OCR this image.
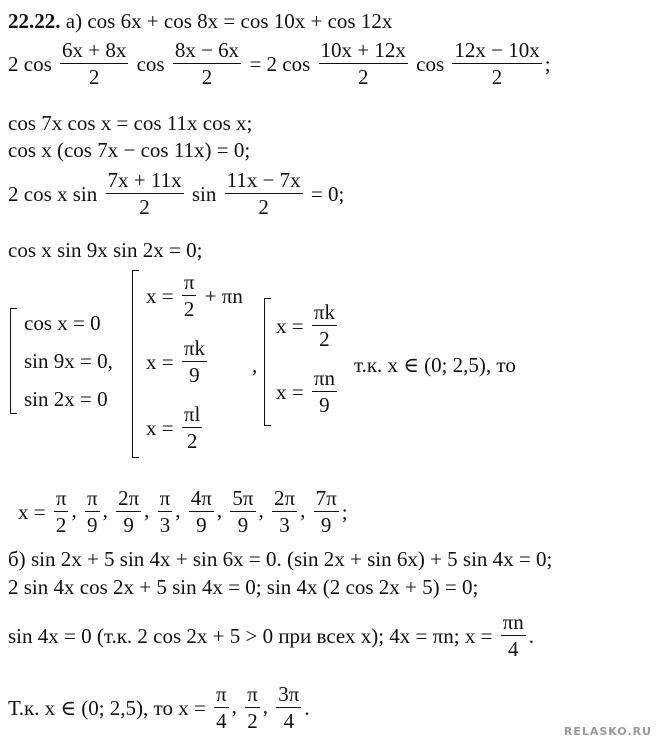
22.22. а) cos 6x + cos 8x = cos 10x + cos 12x
2 $\cos \frac{6x + 8x}{2}$ $\cos \frac{8x - 6x}{2} = 2$ $\cos \frac{10x + 12x}{2}$ $\cos \frac{12x - 10x}{2}$ ;
cos 7x cos x = cos 11x cos x;
cos x (cos 7x − cos 11x) = 0;
2 cos x $\sin \frac{7x + 11x}{2}$ $\sin \frac{11x - 7x}{2} = 0$;
cos x sin 9x sin 2x = 0;
cos x = 0
sin 9x = 0,
sin 2x = 0
$x = \frac{\pi}{2} + \pi n$
$x = \frac{\pi k}{9}$
$x = \frac{\pi l}{2}$
,
$x = \frac{\pi k}{2}$
$x = \frac{\pi n}{9}$
т.к. x ∈ (0; 2,5), то
$x = \frac{\pi}{2}$ , $\frac{\pi}{9}$ , $\frac{2\pi}{9}$ , $\frac{\pi}{3}$ , $\frac{4\pi}{9}$ , $\frac{5\pi}{9}$ , $\frac{2\pi}{3}$ , $\frac{7\pi}{9}$ ;
б) sin 2x + 5 sin 4x + sin 6x = 0. (sin 2x + sin 6x) + 5 sin 4x = 0;
2 sin 4x cos 2x + 5 sin 4x = 0; sin 4x (2 cos 2x + 5) = 0;
sin 4x = 0 (т.к. 2 cos 2x + 5 > 0 при всех x); 4x = πn; $x = \frac{\pi n}{4}$ .
Т.к. x ∈ (0; 2,5), то $x = \frac{\pi}{4}$ , $\frac{\pi}{2}$ , $\frac{3\pi}{4}$ .
RELASKO.RU
